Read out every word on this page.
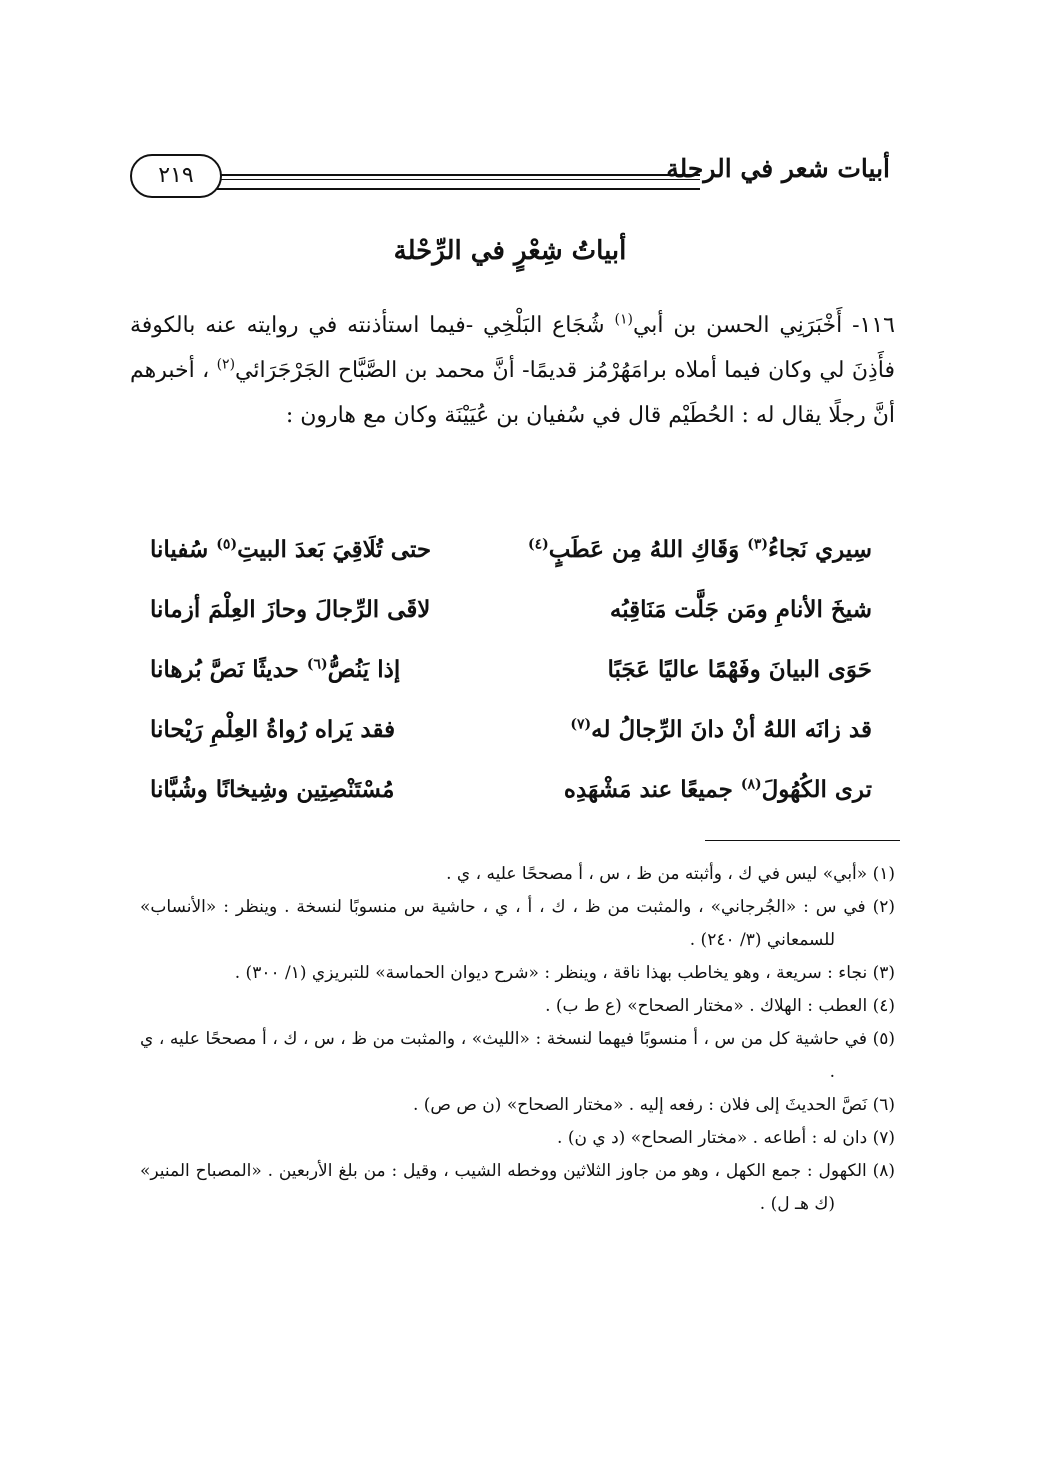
أبيات شعر في الرحلة
٢١٩
أبياتُ شِعْرٍ في الرِّحْلة

١١٦- أَخْبَرَنِي الحسن بن أبي$^{(١)}$ شُجَاع البَلْخِي -فيما استأذنته في روايته عنه بالكوفة فأَذِنَ لي وكان فيما أملاه برامَهُرْمُز قديمًا- أنَّ محمد بن الصَّبَّاح الجَرْجَرَائي$^{(٢)}$ ، أخبرهم أنَّ رجلًا يقال له : الحُطَيْم قال في سُفيان بن عُيَيْنَة وكان مع هارون :

سِيري نَجاءُ$^{(٣)}$ وَقَاكِ اللهُ مِن عَطَبٍ$^{(٤)}$
حتى تُلَاقِيَ بَعدَ البيتِ$^{(٥)}$ سُفيانا
شيخَ الأنامِ ومَن جَلَّت مَنَاقِبُه
لاقَى الرِّجالَ وحازَ العِلْمَ أزمانا
حَوَى البيانَ وفَهْمًا عاليًا عَجَبًا
إذا يَنُصُّ$^{(٦)}$ حديثًا نَصَّ بُرهانا
قد زانَه اللهُ أنْ دانَ الرِّجالُ له$^{(٧)}$
فقد يَراه رُواةُ العِلْمِ رَيْحانا
ترى الكُهُولَ$^{(٨)}$ جميعًا عند مَشْهَدِه
مُسْتَنْصِتِين وشِيخانًا وشُبَّانا

(١) «أبي» ليس في ك ، وأثبته من ظ ، س ، أ مصححًا عليه ، ي .

(٢) في س : «الجُرجاني» ، والمثبت من ظ ، ك ، أ ، ي ، حاشية س منسوبًا لنسخة . وينظر : «الأنساب» للسمعاني (٣/ ٢٤٠) .

(٣) نجاء : سريعة ، وهو يخاطب بهذا ناقة ، وينظر : «شرح ديوان الحماسة» للتبريزي (١/ ٣٠٠) .

(٤) العطب : الهلاك . «مختار الصحاح» (ع ط ب) .

(٥) في حاشية كل من س ، أ منسوبًا فيهما لنسخة : «الليث» ، والمثبت من ظ ، س ، ك ، أ مصححًا عليه ، ي .

(٦) نَصَّ الحديثَ إلى فلان : رفعه إليه . «مختار الصحاح» (ن ص ص) .

(٧) دان له : أطاعه . «مختار الصحاح» (د ي ن) .

(٨) الكهول : جمع الكهل ، وهو من جاوز الثلاثين ووخطه الشيب ، وقيل : من بلغ الأربعين . «المصباح المنير» (ك هـ ل) .
